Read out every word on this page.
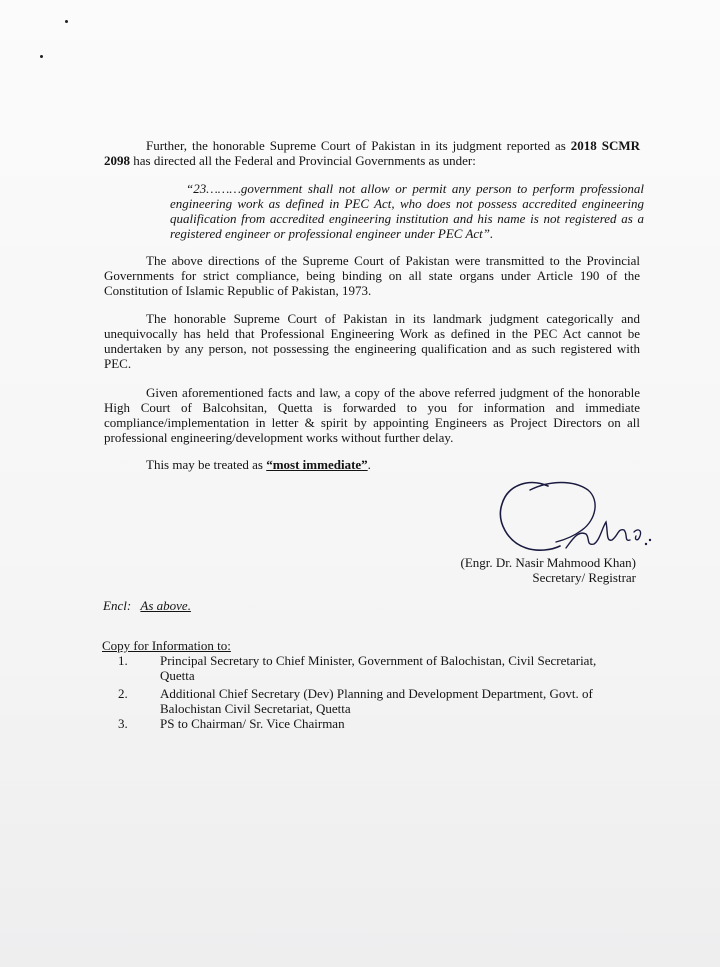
Further, the honorable Supreme Court of Pakistan in its judgment reported as 2018 SCMR 2098 has directed all the Federal and Provincial Governments as under:
“23………government shall not allow or permit any person to perform professional engineering work as defined in PEC Act, who does not possess accredited engineering qualification from accredited engineering institution and his name is not registered as a registered engineer or professional engineer under PEC Act”.
The above directions of the Supreme Court of Pakistan were transmitted to the Provincial Governments for strict compliance, being binding on all state organs under Article 190 of the Constitution of Islamic Republic of Pakistan, 1973.
The honorable Supreme Court of Pakistan in its landmark judgment categorically and unequivocally has held that Professional Engineering Work as defined in the PEC Act cannot be undertaken by any person, not possessing the engineering qualification and as such registered with PEC.
Given aforementioned facts and law, a copy of the above referred judgment of the honorable High Court of Balcohsitan, Quetta is forwarded to you for information and immediate compliance/implementation in letter & spirit by appointing Engineers as Project Directors on all professional engineering/development works without further delay.
This may be treated as “most immediate”.
(Engr. Dr. Nasir Mahmood Khan)
Secretary/ Registrar
Encl: As above.
Copy for Information to:
1.	Principal Secretary to Chief Minister, Government of Balochistan, Civil Secretariat,
Quetta
2.	Additional Chief Secretary (Dev) Planning and Development Department, Govt. of
Balochistan Civil Secretariat, Quetta
3.	PS to Chairman/ Sr. Vice Chairman
